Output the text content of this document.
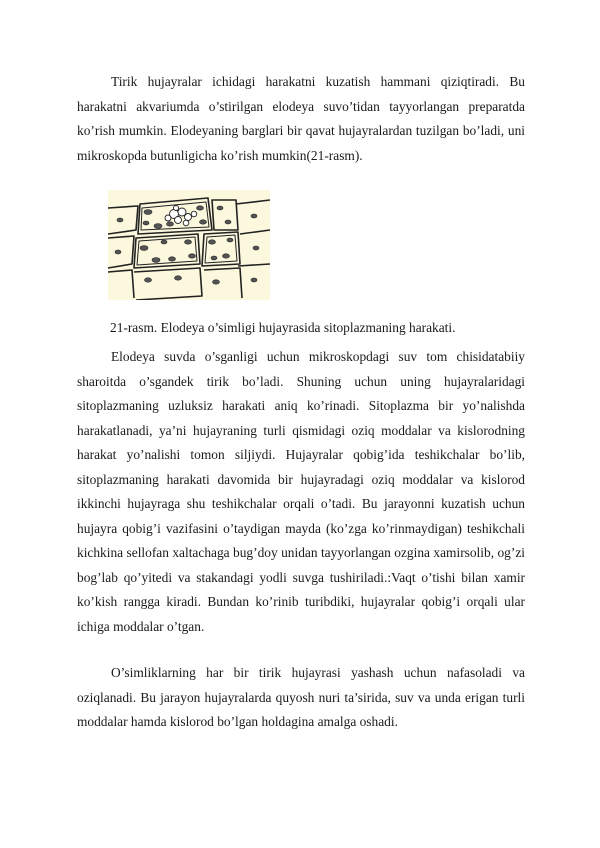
Tirik hujayralar ichidagi harakatni kuzatish hammani qiziqtiradi. Bu harakatni akvariumda o’stirilgan elodeya suvo’tidan tayyorlangan preparatda ko’rish mumkin. Elodeyaning barglari bir qavat hujayralardan tuzilgan bo’ladi, uni mikroskopda butunligicha ko’rish mumkin(21-rasm).

21-rasm. Elodeya o’simligi hujayrasida sitoplazmaning harakati.

Elodeya suvda o’sganligi uchun mikroskopdagi suv tom chisidatabiiy sharoitda o’sgandek tirik bo’ladi. Shuning uchun uning hujayralaridagi sitoplazmaning uzluksiz harakati aniq ko’rinadi. Sitoplazma bir yo’nalishda harakatlanadi, ya’ni hujayraning turli qismidagi oziq moddalar va kislorodning harakat yo’nalishi tomon siljiydi. Hujayralar qobig’ida teshikchalar bo’lib, sitoplazmaning harakati davomida bir hujayradagi oziq moddalar va kislorod ikkinchi hujayraga shu teshikchalar orqali o’tadi. Bu jarayonni kuzatish uchun hujayra qobig’i vazifasini o’taydigan mayda (ko’zga ko’rinmaydigan) teshikchali kichkina sellofan xaltachaga bug’doy unidan tayyorlangan ozgina xamirsolib, og’zi bog’lab qo’yitedi va stakandagi yodli suvga tushiriladi.:Vaqt o’tishi bilan xamir ko’kish rangga kiradi. Bundan ko’rinib turibdiki, hujayralar qobig’i orqali ular ichiga moddalar o’tgan.

O’simliklarning har bir tirik hujayrasi yashash uchun nafasoladi va oziqlanadi. Bu jarayon hujayralarda quyosh nuri ta’sirida, suv va unda erigan turli moddalar hamda kislorod bo’lgan holdagina amalga oshadi.
